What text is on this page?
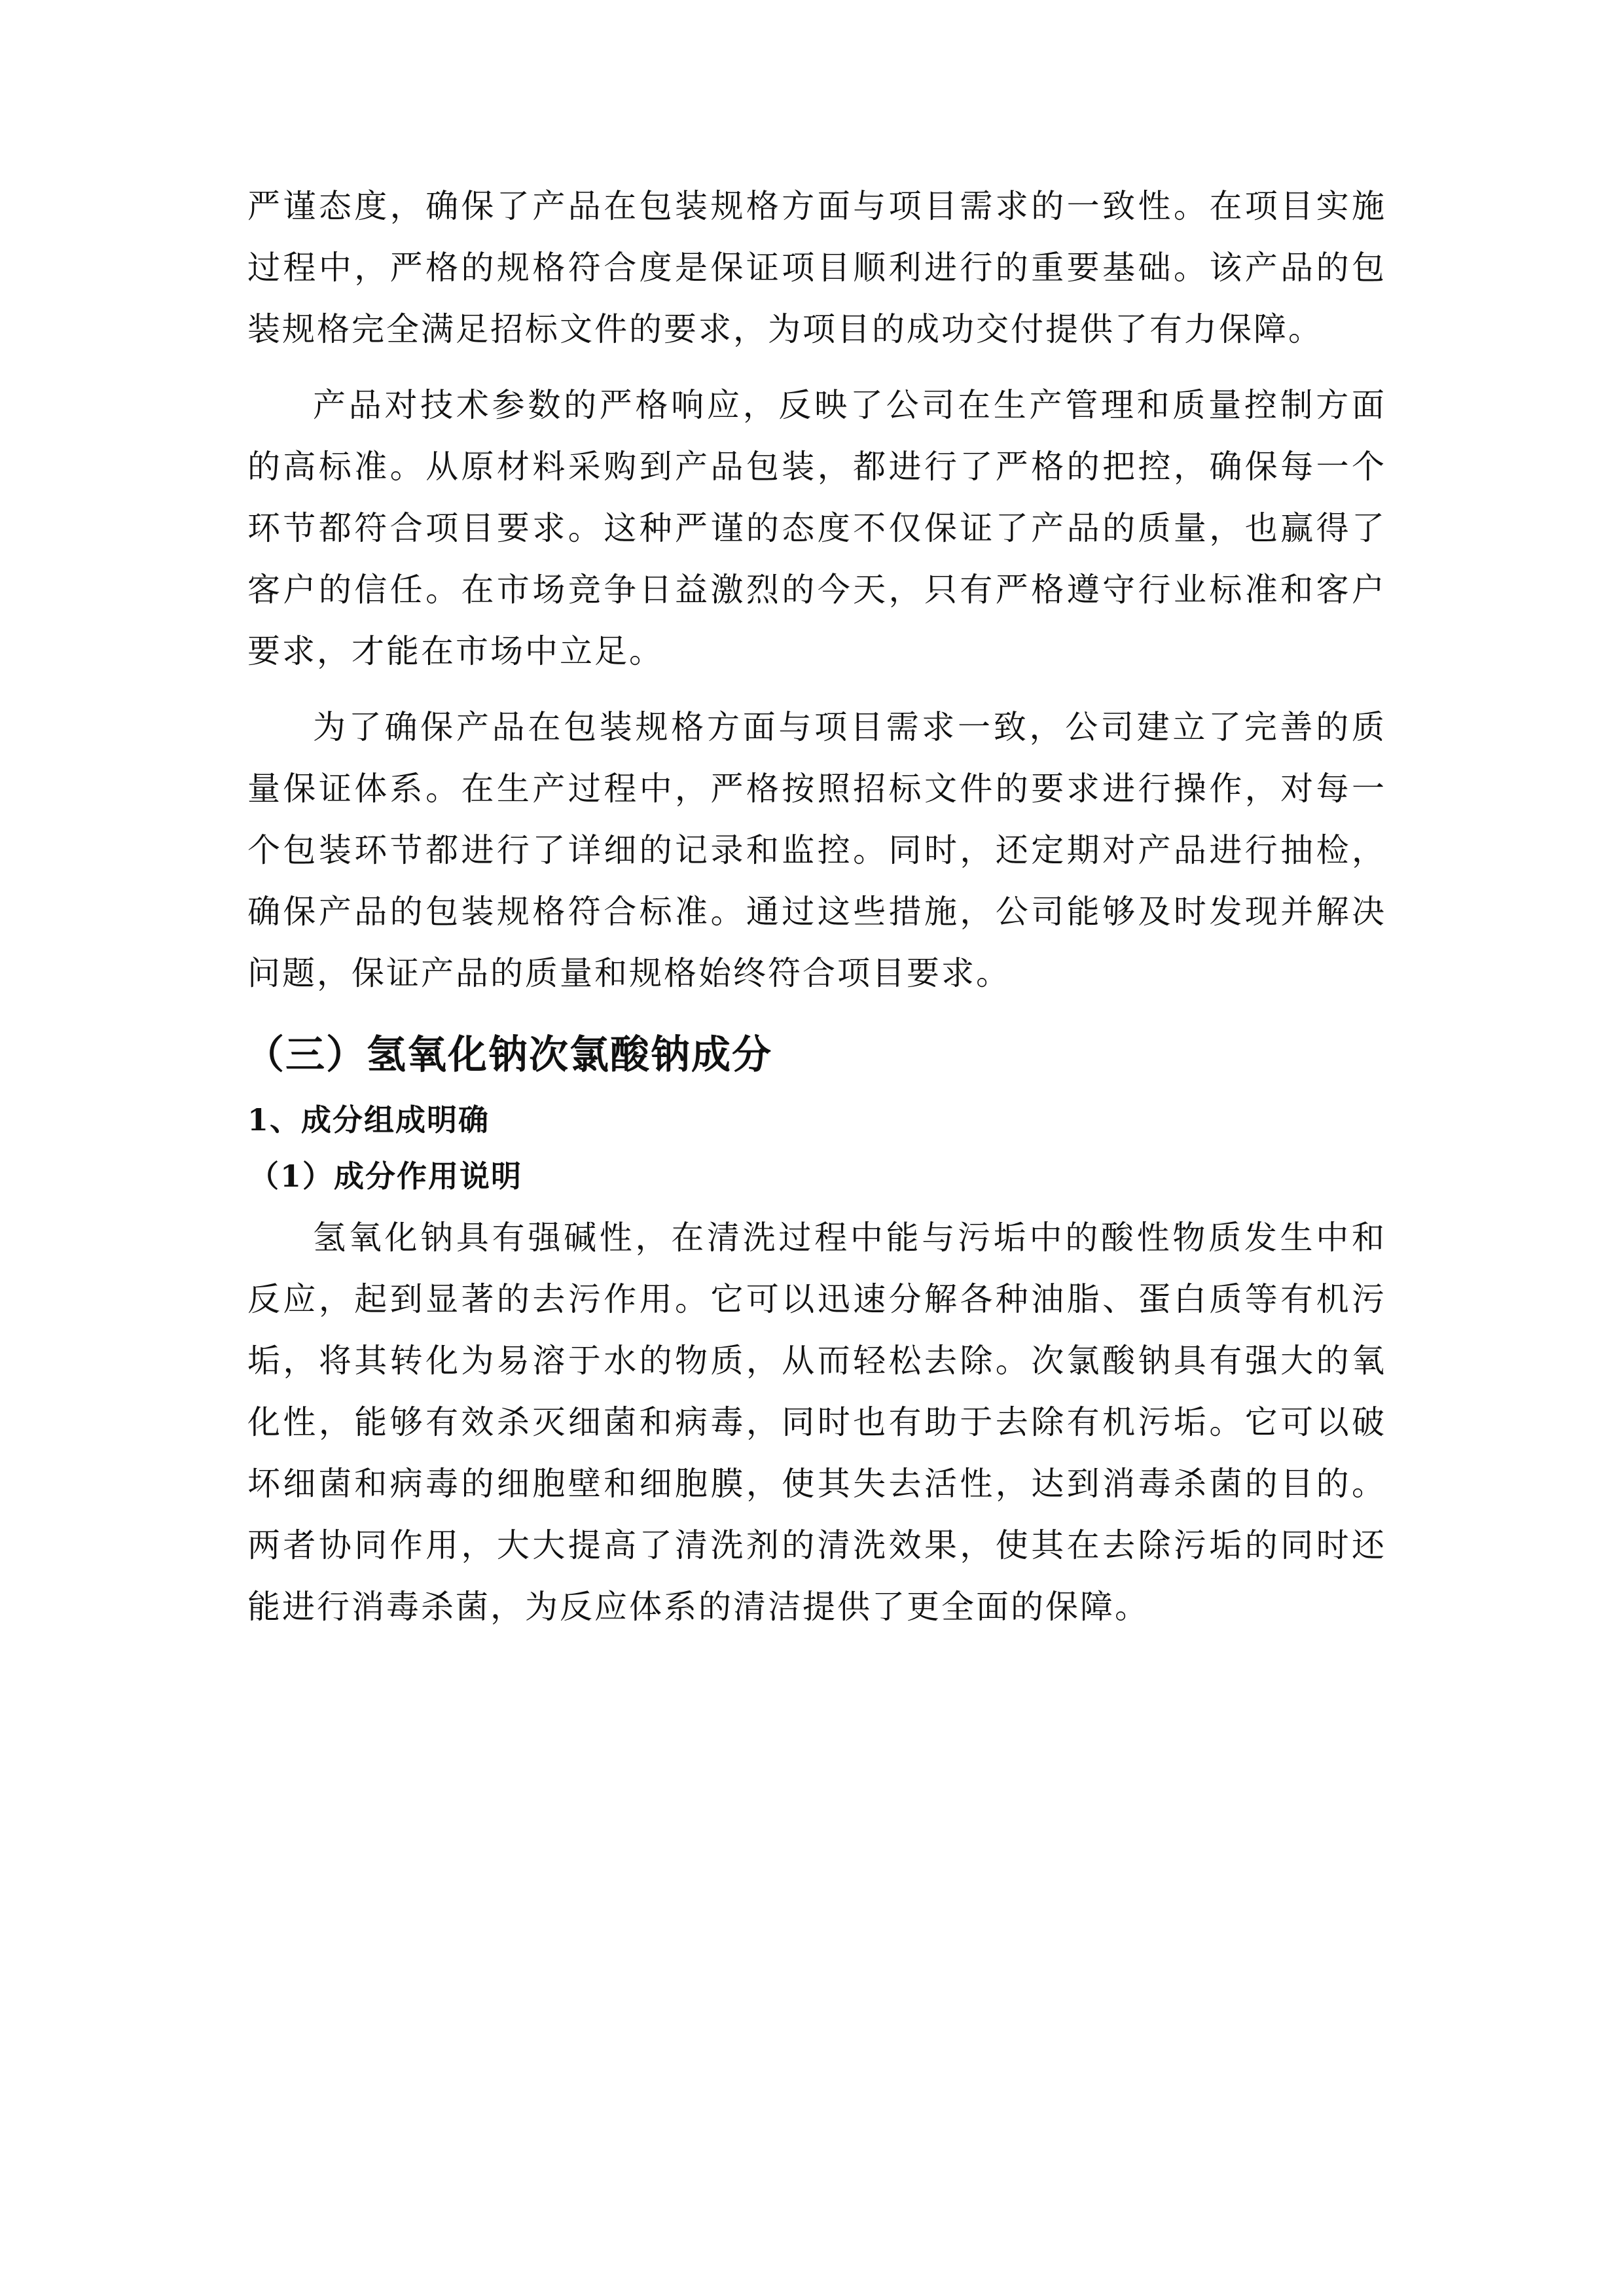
严谨态度，确保了产品在包装规格方面与项目需求的一致性。在项目实施过程中，严格的规格符合度是保证项目顺利进行的重要基础。该产品的包装规格完全满足招标文件的要求，为项目的成功交付提供了有力保障。

产品对技术参数的严格响应，反映了公司在生产管理和质量控制方面的高标准。从原材料采购到产品包装，都进行了严格的把控，确保每一个环节都符合项目要求。这种严谨的态度不仅保证了产品的质量，也赢得了客户的信任。在市场竞争日益激烈的今天，只有严格遵守行业标准和客户要求，才能在市场中立足。

为了确保产品在包装规格方面与项目需求一致，公司建立了完善的质量保证体系。在生产过程中，严格按照招标文件的要求进行操作，对每一个包装环节都进行了详细的记录和监控。同时，还定期对产品进行抽检，确保产品的包装规格符合标准。通过这些措施，公司能够及时发现并解决问题，保证产品的质量和规格始终符合项目要求。

（三）氢氧化钠次氯酸钠成分
1、成分组成明确
（1）成分作用说明

氢氧化钠具有强碱性，在清洗过程中能与污垢中的酸性物质发生中和反应，起到显著的去污作用。它可以迅速分解各种油脂、蛋白质等有机污垢，将其转化为易溶于水的物质，从而轻松去除。次氯酸钠具有强大的氧化性，能够有效杀灭细菌和病毒，同时也有助于去除有机污垢。它可以破坏细菌和病毒的细胞壁和细胞膜，使其失去活性，达到消毒杀菌的目的。两者协同作用，大大提高了清洗剂的清洗效果，使其在去除污垢的同时还能进行消毒杀菌，为反应体系的清洁提供了更全面的保障。
